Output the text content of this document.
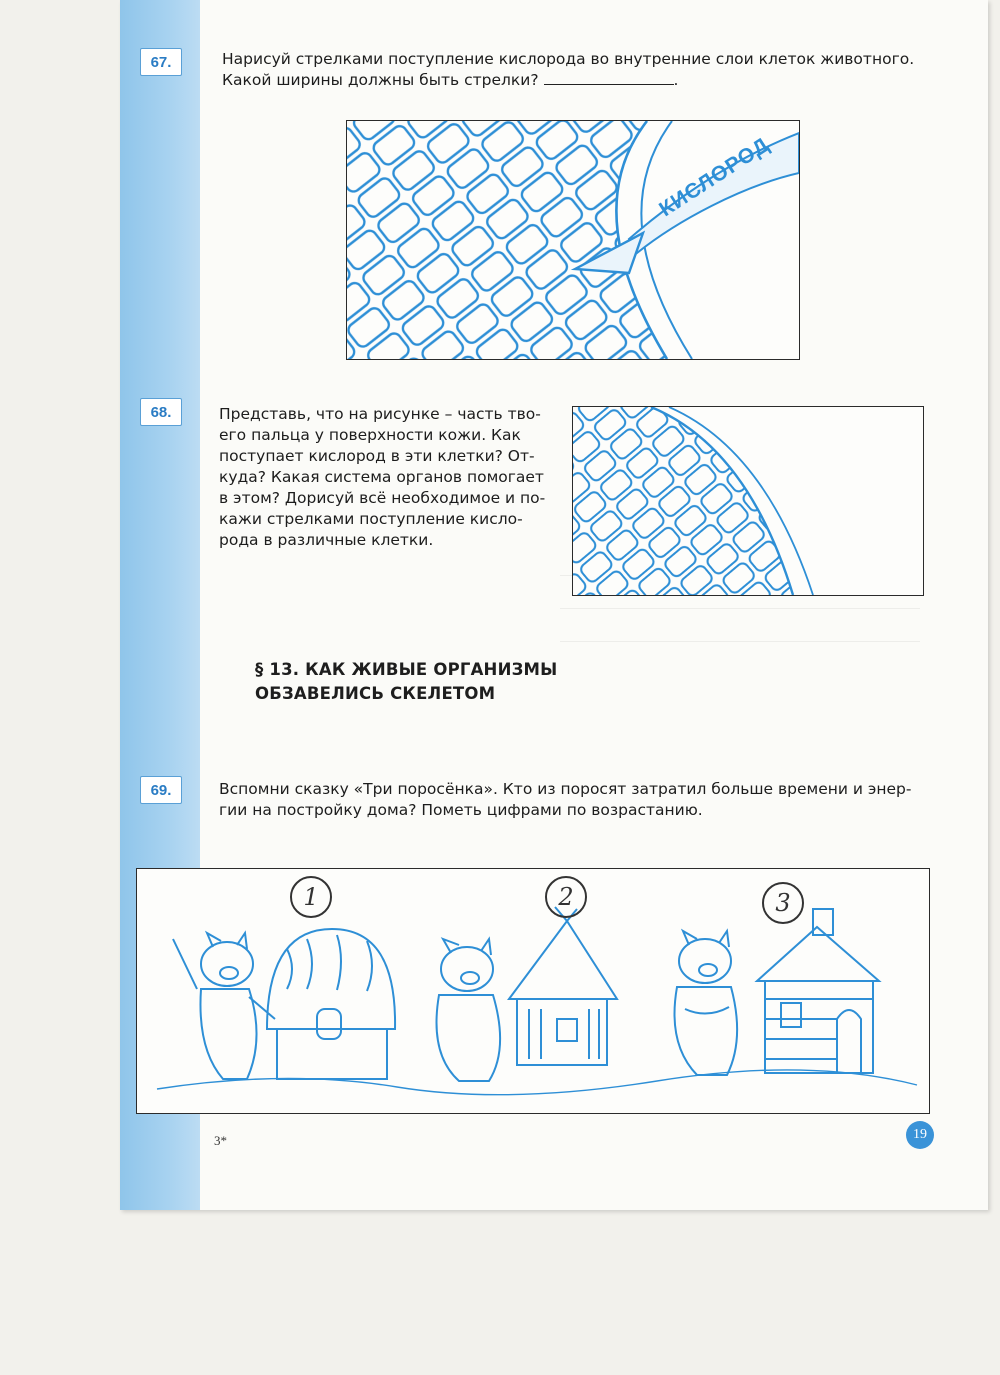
67.	Нарисуй стрелками поступление кислорода во внутренние слои клеток животного.
Какой ширины должны быть стрелки?	.
КИСЛОРОД
68.	Представь, что на рисунке – часть тво-
его пальца у поверхности кожи. Как
поступает кислород в эти клетки? От-
куда? Какая система органов помогает
в этом? Дорисуй всё необходимое и по-
кажи стрелками поступление кисло-
рода в различные клетки.
§ 13. КАК ЖИВЫЕ ОРГАНИЗМЫ
ОБЗАВЕЛИСЬ СКЕЛЕТОМ
69.	Вспомни сказку «Три поросёнка». Кто из поросят затратил больше времени и энер-
гии на постройку дома? Пометь цифрами по возрастанию.
1	2	3
3*	19
